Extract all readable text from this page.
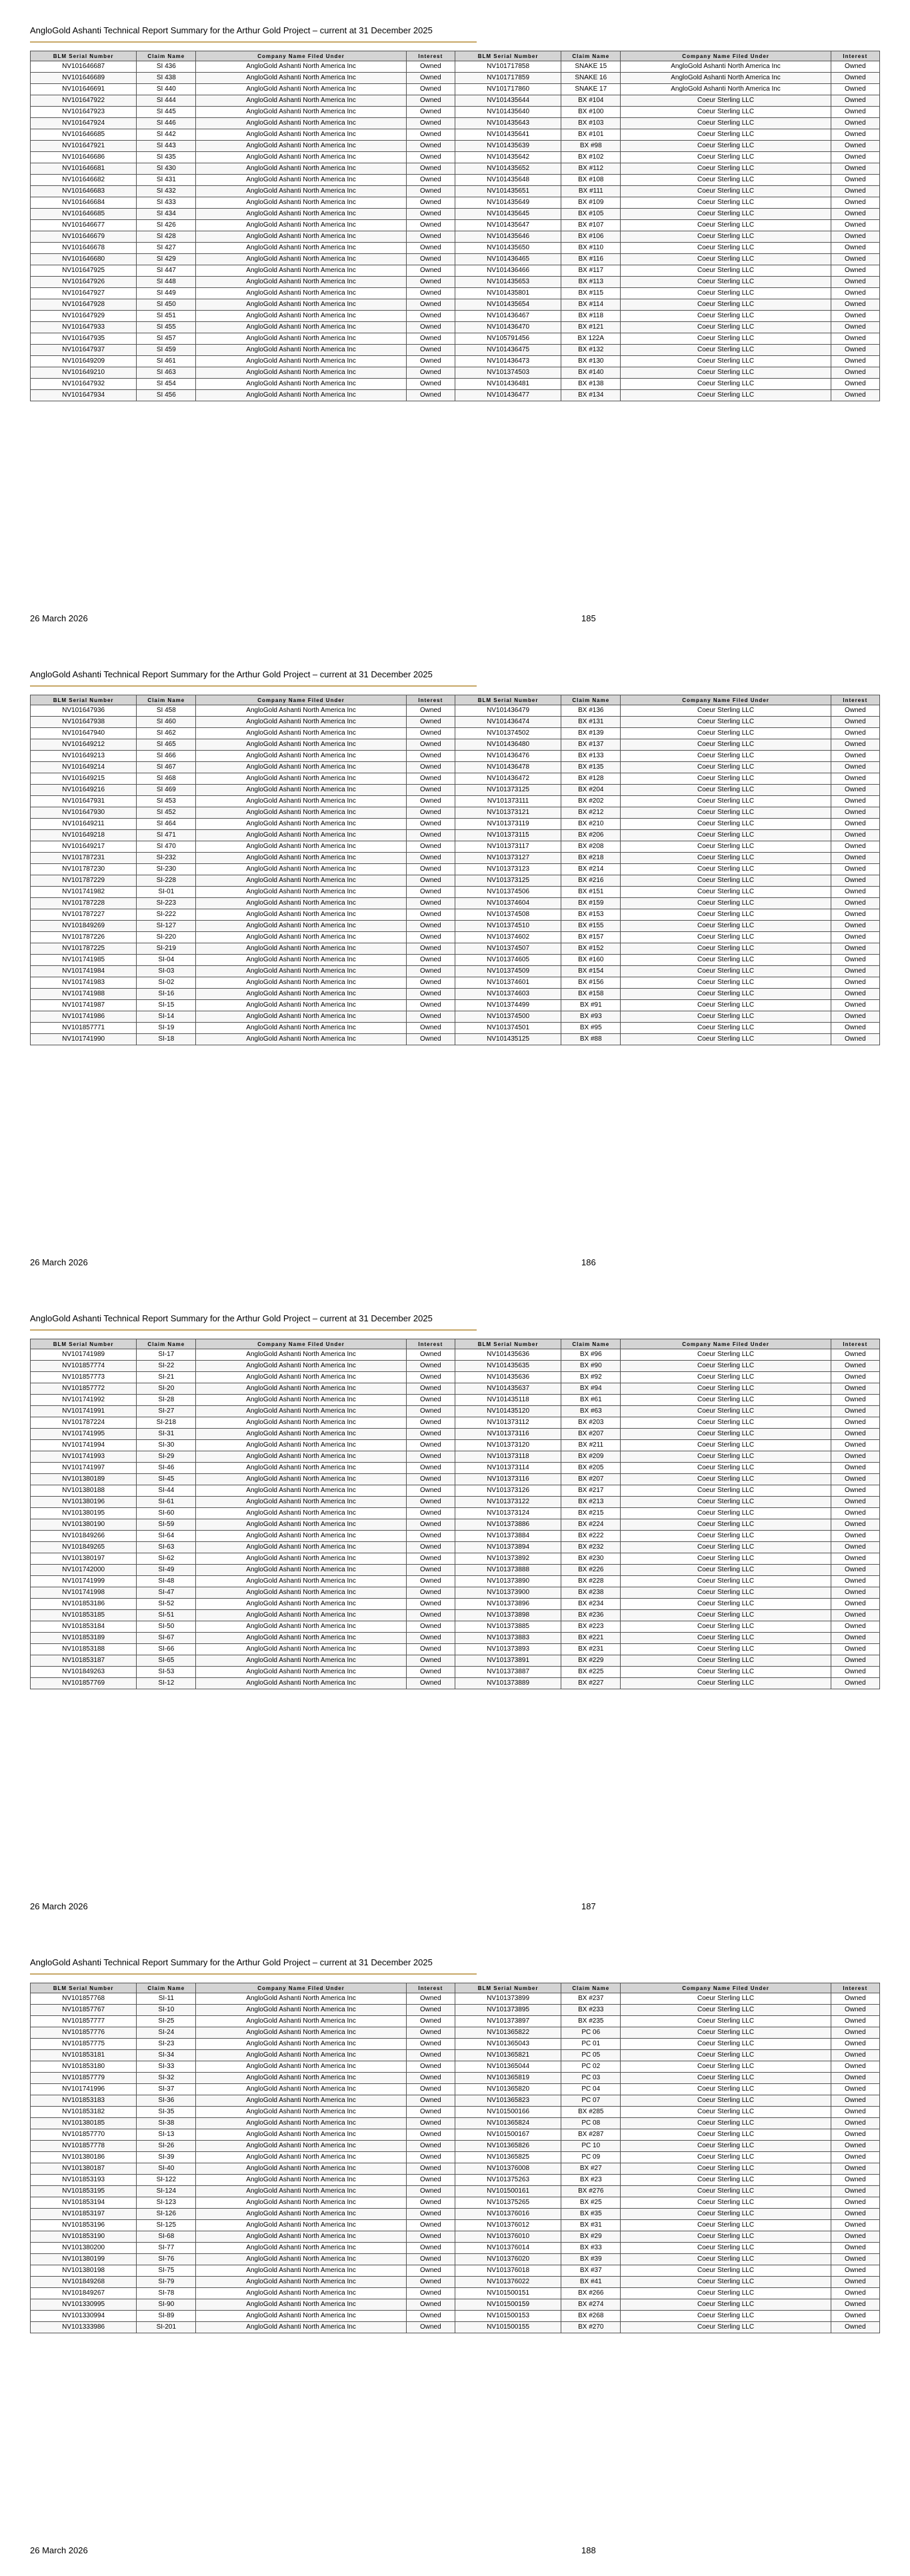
AngloGold Ashanti Technical Report Summary for the Arthur Gold Project – current at 31 December 2025
BLM Serial Number	Claim Name	Company Name Filed Under	Interest	BLM Serial Number	Claim Name	Company Name Filed Under	Interest
NV101646687	SI 436	AngloGold Ashanti North America Inc	Owned	NV101717858	SNAKE 15	AngloGold Ashanti North America Inc	Owned
NV101646689	SI 438	AngloGold Ashanti North America Inc	Owned	NV101717859	SNAKE 16	AngloGold Ashanti North America Inc	Owned
NV101646691	SI 440	AngloGold Ashanti North America Inc	Owned	NV101717860	SNAKE 17	AngloGold Ashanti North America Inc	Owned
NV101647922	SI 444	AngloGold Ashanti North America Inc	Owned	NV101435644	BX #104	Coeur Sterling LLC	Owned
NV101647923	SI 445	AngloGold Ashanti North America Inc	Owned	NV101435640	BX #100	Coeur Sterling LLC	Owned
NV101647924	SI 446	AngloGold Ashanti North America Inc	Owned	NV101435643	BX #103	Coeur Sterling LLC	Owned
NV101646685	SI 442	AngloGold Ashanti North America Inc	Owned	NV101435641	BX #101	Coeur Sterling LLC	Owned
NV101647921	SI 443	AngloGold Ashanti North America Inc	Owned	NV101435639	BX #98	Coeur Sterling LLC	Owned
NV101646686	SI 435	AngloGold Ashanti North America Inc	Owned	NV101435642	BX #102	Coeur Sterling LLC	Owned
NV101646681	SI 430	AngloGold Ashanti North America Inc	Owned	NV101435652	BX #112	Coeur Sterling LLC	Owned
NV101646682	SI 431	AngloGold Ashanti North America Inc	Owned	NV101435648	BX #108	Coeur Sterling LLC	Owned
NV101646683	SI 432	AngloGold Ashanti North America Inc	Owned	NV101435651	BX #111	Coeur Sterling LLC	Owned
NV101646684	SI 433	AngloGold Ashanti North America Inc	Owned	NV101435649	BX #109	Coeur Sterling LLC	Owned
NV101646685	SI 434	AngloGold Ashanti North America Inc	Owned	NV101435645	BX #105	Coeur Sterling LLC	Owned
NV101646677	SI 426	AngloGold Ashanti North America Inc	Owned	NV101435647	BX #107	Coeur Sterling LLC	Owned
NV101646679	SI 428	AngloGold Ashanti North America Inc	Owned	NV101435646	BX #106	Coeur Sterling LLC	Owned
NV101646678	SI 427	AngloGold Ashanti North America Inc	Owned	NV101435650	BX #110	Coeur Sterling LLC	Owned
NV101646680	SI 429	AngloGold Ashanti North America Inc	Owned	NV101436465	BX #116	Coeur Sterling LLC	Owned
NV101647925	SI 447	AngloGold Ashanti North America Inc	Owned	NV101436466	BX #117	Coeur Sterling LLC	Owned
NV101647926	SI 448	AngloGold Ashanti North America Inc	Owned	NV101435653	BX #113	Coeur Sterling LLC	Owned
NV101647927	SI 449	AngloGold Ashanti North America Inc	Owned	NV101435801	BX #115	Coeur Sterling LLC	Owned
NV101647928	SI 450	AngloGold Ashanti North America Inc	Owned	NV101435654	BX #114	Coeur Sterling LLC	Owned
NV101647929	SI 451	AngloGold Ashanti North America Inc	Owned	NV101436467	BX #118	Coeur Sterling LLC	Owned
NV101647933	SI 455	AngloGold Ashanti North America Inc	Owned	NV101436470	BX #121	Coeur Sterling LLC	Owned
NV101647935	SI 457	AngloGold Ashanti North America Inc	Owned	NV105791456	BX 122A	Coeur Sterling LLC	Owned
NV101647937	SI 459	AngloGold Ashanti North America Inc	Owned	NV101436475	BX #132	Coeur Sterling LLC	Owned
NV101649209	SI 461	AngloGold Ashanti North America Inc	Owned	NV101436473	BX #130	Coeur Sterling LLC	Owned
NV101649210	SI 463	AngloGold Ashanti North America Inc	Owned	NV101374503	BX #140	Coeur Sterling LLC	Owned
NV101647932	SI 454	AngloGold Ashanti North America Inc	Owned	NV101436481	BX #138	Coeur Sterling LLC	Owned
NV101647934	SI 456	AngloGold Ashanti North America Inc	Owned	NV101436477	BX #134	Coeur Sterling LLC	Owned
26 March 2026	185
AngloGold Ashanti Technical Report Summary for the Arthur Gold Project – current at 31 December 2025
BLM Serial Number	Claim Name	Company Name Filed Under	Interest	BLM Serial Number	Claim Name	Company Name Filed Under	Interest
NV101647936	SI 458	AngloGold Ashanti North America Inc	Owned	NV101436479	BX #136	Coeur Sterling LLC	Owned
NV101647938	SI 460	AngloGold Ashanti North America Inc	Owned	NV101436474	BX #131	Coeur Sterling LLC	Owned
NV101647940	SI 462	AngloGold Ashanti North America Inc	Owned	NV101374502	BX #139	Coeur Sterling LLC	Owned
NV101649212	SI 465	AngloGold Ashanti North America Inc	Owned	NV101436480	BX #137	Coeur Sterling LLC	Owned
NV101649213	SI 466	AngloGold Ashanti North America Inc	Owned	NV101436476	BX #133	Coeur Sterling LLC	Owned
NV101649214	SI 467	AngloGold Ashanti North America Inc	Owned	NV101436478	BX #135	Coeur Sterling LLC	Owned
NV101649215	SI 468	AngloGold Ashanti North America Inc	Owned	NV101436472	BX #128	Coeur Sterling LLC	Owned
NV101649216	SI 469	AngloGold Ashanti North America Inc	Owned	NV101373125	BX #204	Coeur Sterling LLC	Owned
NV101647931	SI 453	AngloGold Ashanti North America Inc	Owned	NV101373111	BX #202	Coeur Sterling LLC	Owned
NV101647930	SI 452	AngloGold Ashanti North America Inc	Owned	NV101373121	BX #212	Coeur Sterling LLC	Owned
NV101649211	SI 464	AngloGold Ashanti North America Inc	Owned	NV101373119	BX #210	Coeur Sterling LLC	Owned
NV101649218	SI 471	AngloGold Ashanti North America Inc	Owned	NV101373115	BX #206	Coeur Sterling LLC	Owned
NV101649217	SI 470	AngloGold Ashanti North America Inc	Owned	NV101373117	BX #208	Coeur Sterling LLC	Owned
NV101787231	SI-232	AngloGold Ashanti North America Inc	Owned	NV101373127	BX #218	Coeur Sterling LLC	Owned
NV101787230	SI-230	AngloGold Ashanti North America Inc	Owned	NV101373123	BX #214	Coeur Sterling LLC	Owned
NV101787229	SI-228	AngloGold Ashanti North America Inc	Owned	NV101373125	BX #216	Coeur Sterling LLC	Owned
NV101741982	SI-01	AngloGold Ashanti North America Inc	Owned	NV101374506	BX #151	Coeur Sterling LLC	Owned
NV101787228	SI-223	AngloGold Ashanti North America Inc	Owned	NV101374604	BX #159	Coeur Sterling LLC	Owned
NV101787227	SI-222	AngloGold Ashanti North America Inc	Owned	NV101374508	BX #153	Coeur Sterling LLC	Owned
NV101849269	SI-127	AngloGold Ashanti North America Inc	Owned	NV101374510	BX #155	Coeur Sterling LLC	Owned
NV101787226	SI-220	AngloGold Ashanti North America Inc	Owned	NV101374602	BX #157	Coeur Sterling LLC	Owned
NV101787225	SI-219	AngloGold Ashanti North America Inc	Owned	NV101374507	BX #152	Coeur Sterling LLC	Owned
NV101741985	SI-04	AngloGold Ashanti North America Inc	Owned	NV101374605	BX #160	Coeur Sterling LLC	Owned
NV101741984	SI-03	AngloGold Ashanti North America Inc	Owned	NV101374509	BX #154	Coeur Sterling LLC	Owned
NV101741983	SI-02	AngloGold Ashanti North America Inc	Owned	NV101374601	BX #156	Coeur Sterling LLC	Owned
NV101741988	SI-16	AngloGold Ashanti North America Inc	Owned	NV101374603	BX #158	Coeur Sterling LLC	Owned
NV101741987	SI-15	AngloGold Ashanti North America Inc	Owned	NV101374499	BX #91	Coeur Sterling LLC	Owned
NV101741986	SI-14	AngloGold Ashanti North America Inc	Owned	NV101374500	BX #93	Coeur Sterling LLC	Owned
NV101857771	SI-19	AngloGold Ashanti North America Inc	Owned	NV101374501	BX #95	Coeur Sterling LLC	Owned
NV101741990	SI-18	AngloGold Ashanti North America Inc	Owned	NV101435125	BX #88	Coeur Sterling LLC	Owned
26 March 2026	186
AngloGold Ashanti Technical Report Summary for the Arthur Gold Project – current at 31 December 2025
BLM Serial Number	Claim Name	Company Name Filed Under	Interest	BLM Serial Number	Claim Name	Company Name Filed Under	Interest
NV101741989	SI-17	AngloGold Ashanti North America Inc	Owned	NV101435636	BX #96	Coeur Sterling LLC	Owned
NV101857774	SI-22	AngloGold Ashanti North America Inc	Owned	NV101435635	BX #90	Coeur Sterling LLC	Owned
NV101857773	SI-21	AngloGold Ashanti North America Inc	Owned	NV101435636	BX #92	Coeur Sterling LLC	Owned
NV101857772	SI-20	AngloGold Ashanti North America Inc	Owned	NV101435637	BX #94	Coeur Sterling LLC	Owned
NV101741992	SI-28	AngloGold Ashanti North America Inc	Owned	NV101435118	BX #61	Coeur Sterling LLC	Owned
NV101741991	SI-27	AngloGold Ashanti North America Inc	Owned	NV101435120	BX #63	Coeur Sterling LLC	Owned
NV101787224	SI-218	AngloGold Ashanti North America Inc	Owned	NV101373112	BX #203	Coeur Sterling LLC	Owned
NV101741995	SI-31	AngloGold Ashanti North America Inc	Owned	NV101373116	BX #207	Coeur Sterling LLC	Owned
NV101741994	SI-30	AngloGold Ashanti North America Inc	Owned	NV101373120	BX #211	Coeur Sterling LLC	Owned
NV101741993	SI-29	AngloGold Ashanti North America Inc	Owned	NV101373118	BX #209	Coeur Sterling LLC	Owned
NV101741997	SI-46	AngloGold Ashanti North America Inc	Owned	NV101373114	BX #205	Coeur Sterling LLC	Owned
NV101380189	SI-45	AngloGold Ashanti North America Inc	Owned	NV101373116	BX #207	Coeur Sterling LLC	Owned
NV101380188	SI-44	AngloGold Ashanti North America Inc	Owned	NV101373126	BX #217	Coeur Sterling LLC	Owned
NV101380196	SI-61	AngloGold Ashanti North America Inc	Owned	NV101373122	BX #213	Coeur Sterling LLC	Owned
NV101380195	SI-60	AngloGold Ashanti North America Inc	Owned	NV101373124	BX #215	Coeur Sterling LLC	Owned
NV101380190	SI-59	AngloGold Ashanti North America Inc	Owned	NV101373886	BX #224	Coeur Sterling LLC	Owned
NV101849266	SI-64	AngloGold Ashanti North America Inc	Owned	NV101373884	BX #222	Coeur Sterling LLC	Owned
NV101849265	SI-63	AngloGold Ashanti North America Inc	Owned	NV101373894	BX #232	Coeur Sterling LLC	Owned
NV101380197	SI-62	AngloGold Ashanti North America Inc	Owned	NV101373892	BX #230	Coeur Sterling LLC	Owned
NV101742000	SI-49	AngloGold Ashanti North America Inc	Owned	NV101373888	BX #226	Coeur Sterling LLC	Owned
NV101741999	SI-48	AngloGold Ashanti North America Inc	Owned	NV101373890	BX #228	Coeur Sterling LLC	Owned
NV101741998	SI-47	AngloGold Ashanti North America Inc	Owned	NV101373900	BX #238	Coeur Sterling LLC	Owned
NV101853186	SI-52	AngloGold Ashanti North America Inc	Owned	NV101373896	BX #234	Coeur Sterling LLC	Owned
NV101853185	SI-51	AngloGold Ashanti North America Inc	Owned	NV101373898	BX #236	Coeur Sterling LLC	Owned
NV101853184	SI-50	AngloGold Ashanti North America Inc	Owned	NV101373885	BX #223	Coeur Sterling LLC	Owned
NV101853189	SI-67	AngloGold Ashanti North America Inc	Owned	NV101373883	BX #221	Coeur Sterling LLC	Owned
NV101853188	SI-66	AngloGold Ashanti North America Inc	Owned	NV101373893	BX #231	Coeur Sterling LLC	Owned
NV101853187	SI-65	AngloGold Ashanti North America Inc	Owned	NV101373891	BX #229	Coeur Sterling LLC	Owned
NV101849263	SI-53	AngloGold Ashanti North America Inc	Owned	NV101373887	BX #225	Coeur Sterling LLC	Owned
NV101857769	SI-12	AngloGold Ashanti North America Inc	Owned	NV101373889	BX #227	Coeur Sterling LLC	Owned
26 March 2026	187
AngloGold Ashanti Technical Report Summary for the Arthur Gold Project – current at 31 December 2025
BLM Serial Number	Claim Name	Company Name Filed Under	Interest	BLM Serial Number	Claim Name	Company Name Filed Under	Interest
NV101857768	SI-11	AngloGold Ashanti North America Inc	Owned	NV101373899	BX #237	Coeur Sterling LLC	Owned
NV101857767	SI-10	AngloGold Ashanti North America Inc	Owned	NV101373895	BX #233	Coeur Sterling LLC	Owned
NV101857777	SI-25	AngloGold Ashanti North America Inc	Owned	NV101373897	BX #235	Coeur Sterling LLC	Owned
NV101857776	SI-24	AngloGold Ashanti North America Inc	Owned	NV101365822	PC 06	Coeur Sterling LLC	Owned
NV101857775	SI-23	AngloGold Ashanti North America Inc	Owned	NV101365043	PC 01	Coeur Sterling LLC	Owned
NV101853181	SI-34	AngloGold Ashanti North America Inc	Owned	NV101365821	PC 05	Coeur Sterling LLC	Owned
NV101853180	SI-33	AngloGold Ashanti North America Inc	Owned	NV101365044	PC 02	Coeur Sterling LLC	Owned
NV101857779	SI-32	AngloGold Ashanti North America Inc	Owned	NV101365819	PC 03	Coeur Sterling LLC	Owned
NV101741996	SI-37	AngloGold Ashanti North America Inc	Owned	NV101365820	PC 04	Coeur Sterling LLC	Owned
NV101853183	SI-36	AngloGold Ashanti North America Inc	Owned	NV101365823	PC 07	Coeur Sterling LLC	Owned
NV101853182	SI-35	AngloGold Ashanti North America Inc	Owned	NV101500166	BX #285	Coeur Sterling LLC	Owned
NV101380185	SI-38	AngloGold Ashanti North America Inc	Owned	NV101365824	PC 08	Coeur Sterling LLC	Owned
NV101857770	SI-13	AngloGold Ashanti North America Inc	Owned	NV101500167	BX #287	Coeur Sterling LLC	Owned
NV101857778	SI-26	AngloGold Ashanti North America Inc	Owned	NV101365826	PC 10	Coeur Sterling LLC	Owned
NV101380186	SI-39	AngloGold Ashanti North America Inc	Owned	NV101365825	PC 09	Coeur Sterling LLC	Owned
NV101380187	SI-40	AngloGold Ashanti North America Inc	Owned	NV101376008	BX #27	Coeur Sterling LLC	Owned
NV101853193	SI-122	AngloGold Ashanti North America Inc	Owned	NV101375263	BX #23	Coeur Sterling LLC	Owned
NV101853195	SI-124	AngloGold Ashanti North America Inc	Owned	NV101500161	BX #276	Coeur Sterling LLC	Owned
NV101853194	SI-123	AngloGold Ashanti North America Inc	Owned	NV101375265	BX #25	Coeur Sterling LLC	Owned
NV101853197	SI-126	AngloGold Ashanti North America Inc	Owned	NV101376016	BX #35	Coeur Sterling LLC	Owned
NV101853196	SI-125	AngloGold Ashanti North America Inc	Owned	NV101376012	BX #31	Coeur Sterling LLC	Owned
NV101853190	SI-68	AngloGold Ashanti North America Inc	Owned	NV101376010	BX #29	Coeur Sterling LLC	Owned
NV101380200	SI-77	AngloGold Ashanti North America Inc	Owned	NV101376014	BX #33	Coeur Sterling LLC	Owned
NV101380199	SI-76	AngloGold Ashanti North America Inc	Owned	NV101376020	BX #39	Coeur Sterling LLC	Owned
NV101380198	SI-75	AngloGold Ashanti North America Inc	Owned	NV101376018	BX #37	Coeur Sterling LLC	Owned
NV101849268	SI-79	AngloGold Ashanti North America Inc	Owned	NV101376022	BX #41	Coeur Sterling LLC	Owned
NV101849267	SI-78	AngloGold Ashanti North America Inc	Owned	NV101500151	BX #266	Coeur Sterling LLC	Owned
NV101330995	SI-90	AngloGold Ashanti North America Inc	Owned	NV101500159	BX #274	Coeur Sterling LLC	Owned
NV101330994	SI-89	AngloGold Ashanti North America Inc	Owned	NV101500153	BX #268	Coeur Sterling LLC	Owned
NV101333986	SI-201	AngloGold Ashanti North America Inc	Owned	NV101500155	BX #270	Coeur Sterling LLC	Owned
26 March 2026	188
